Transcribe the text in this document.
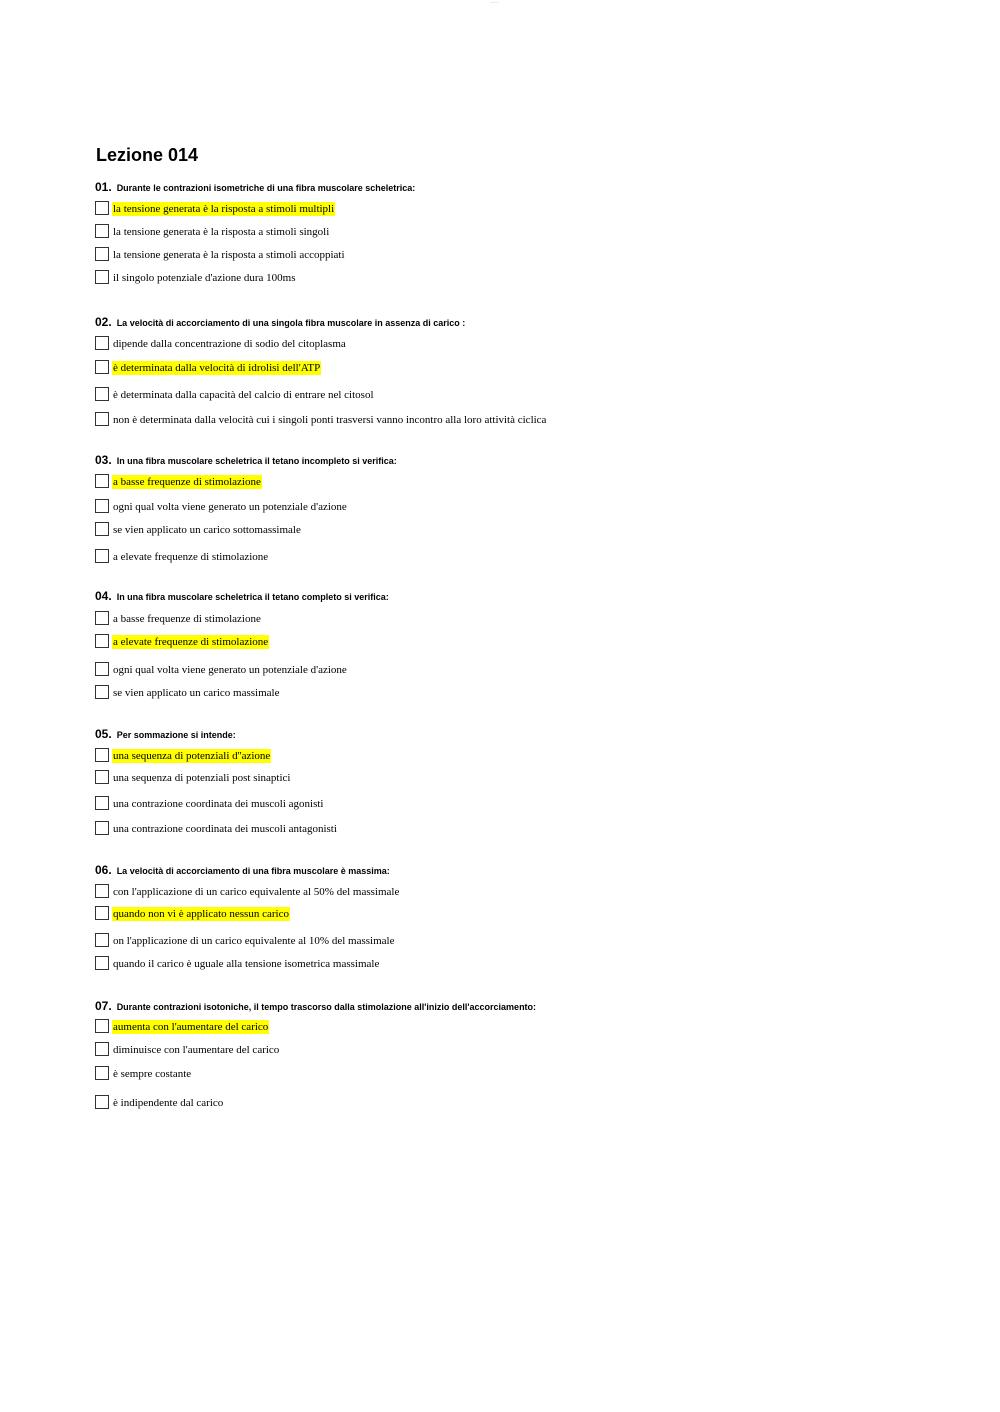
———
Lezione 014
01. Durante le contrazioni isometriche di una fibra muscolare scheletrica:
la tensione generata è la risposta a stimoli multipli
la tensione generata è la risposta a stimoli singoli
la tensione generata è la risposta a stimoli accoppiati
il singolo potenziale d'azione dura 100ms
02. La velocità di accorciamento di una singola fibra muscolare in assenza di carico :
dipende dalla concentrazione di sodio del citoplasma
è determinata dalla velocità di idrolisi dell'ATP
è determinata dalla capacità del calcio di entrare nel citosol
non è determinata dalla velocità cui i singoli ponti trasversi vanno incontro alla loro attività ciclica
03. In una fibra muscolare scheletrica il tetano incompleto si verifica:
a basse frequenze di stimolazione
ogni qual volta viene generato un potenziale d'azione
se vien applicato un carico sottomassimale
a elevate frequenze di stimolazione
04. In una fibra muscolare scheletrica il tetano completo si verifica:
a basse frequenze di stimolazione
a elevate frequenze di stimolazione
ogni qual volta viene generato un potenziale d'azione
se vien applicato un carico massimale
05. Per sommazione si intende:
una sequenza di potenziali d''azione
una sequenza di potenziali post sinaptici
una contrazione coordinata dei muscoli agonisti
una contrazione coordinata dei muscoli antagonisti
06. La velocità di accorciamento di una fibra muscolare è massima:
con l'applicazione di un carico equivalente al 50% del massimale
quando non vi è applicato nessun carico
on l'applicazione di un carico equivalente al 10% del massimale
quando il carico è uguale alla tensione isometrica massimale
07. Durante contrazioni isotoniche, il tempo trascorso dalla stimolazione all'inizio dell'accorciamento:
aumenta con l'aumentare del carico
diminuisce con l'aumentare del carico
è sempre costante
è indipendente dal carico
